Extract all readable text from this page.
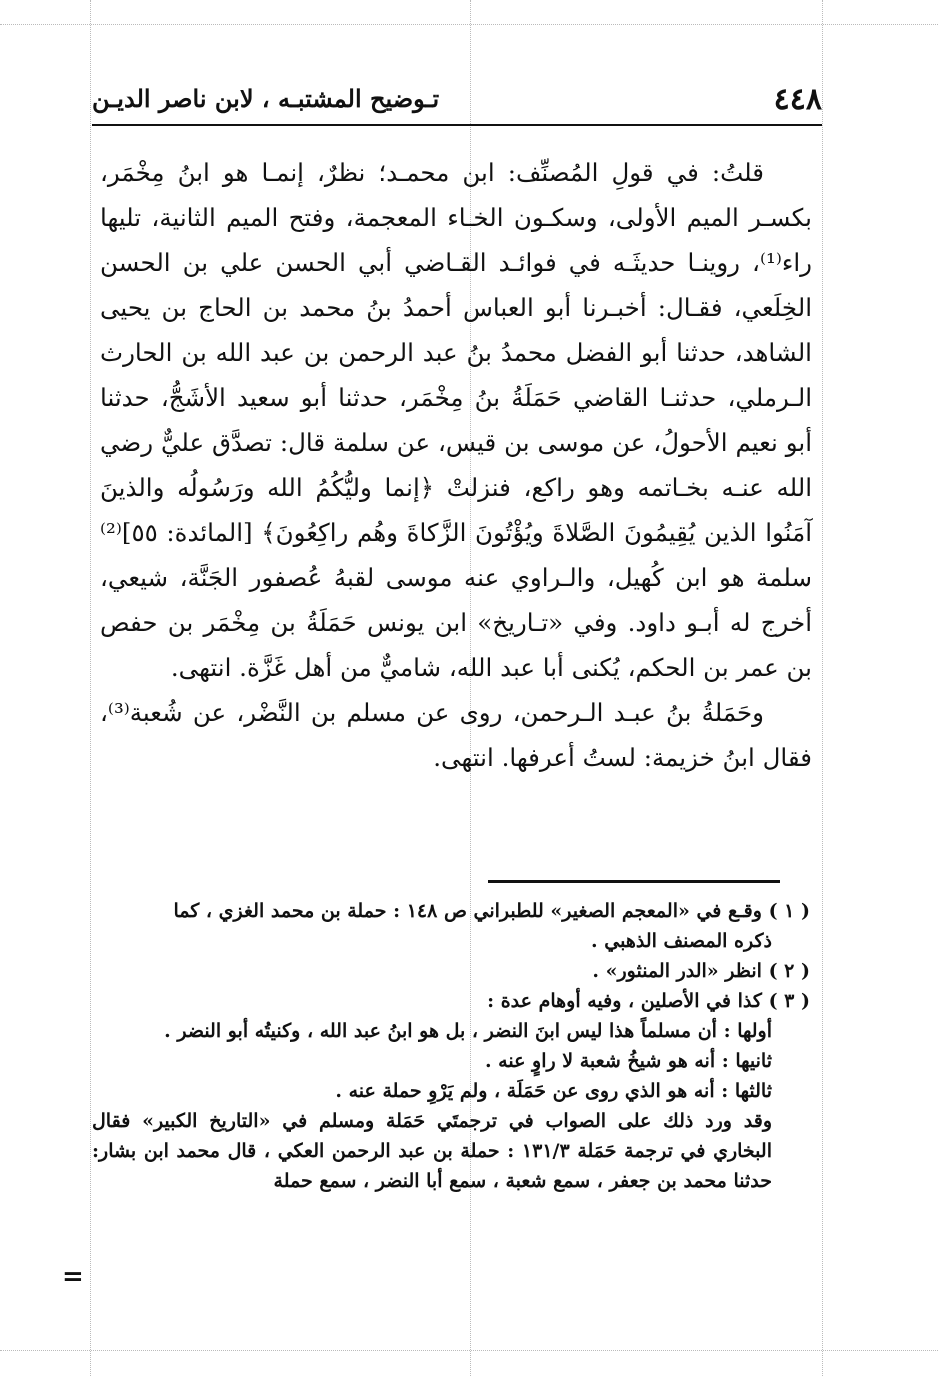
٤٤٨
تـوضيح المشتبـه ، لابن ناصر الديـن

قلتُ: في قولِ المُصنِّف: ابن محمـد؛ نظرٌ، إنمـا هو ابنُ مِخْمَر، بكسـر الميم الأولى، وسكـون الخـاء المعجمة، وفتح الميم الثانية، تليها راء⁽¹⁾، روينـا حديثَـه في فوائـد القـاضي أبي الحسن علي بن الحسن الخِلَعي، فقـال: أخبـرنا أبو العباس أحمدُ بنُ محمد بن الحاج بن يحيى الشاهد، حدثنا أبو الفضل محمدُ بنُ عبد الرحمن بن عبد الله بن الحارث الـرملي، حدثنـا القاضي حَمَلَةُ بنُ مِخْمَر، حدثنا أبو سعيد الأشَجُّ، حدثنا أبو نعيم الأحولُ، عن موسى بن قيس، عن سلمة قال: تصدَّق عليٌّ رضي الله عنـه بخـاتمه وهو راكع، فنزلتْ ﴿إنما وليُّكُمُ الله ورَسُولُه والذينَ آمَنُوا الذين يُقِيمُونَ الصَّلاةَ ويُؤْتُونَ الزَّكاةَ وهُم راكِعُونَ﴾ [المائدة: ٥٥]⁽²⁾ سلمة هو ابن كُهيل، والـراوي عنه موسى لقبهُ عُصفور الجَنَّة، شيعي، أخرج له أبـو داود. وفي «تـاريخ» ابن يونس حَمَلَةُ بن مِخْمَر بن حفص بن عمر بن الحكم، يُكنى أبا عبد الله، شاميٌّ من أهل غَزَّة. انتهى.

وحَمَلةُ بنُ عبـد الـرحمن، روى عن مسلم بن النَّضْر، عن شُعبة⁽³⁾، فقال ابنُ خزيمة: لستُ أعرفها. انتهى.

( ١ ) وقـع في «المعجم الصغير» للطبراني ص ١٤٨ : حملة بن محمد الغزي ، كما

ذكره المصنف الذهبي .

( ٢ ) انظر «الدر المنثور» .

( ٣ ) كذا في الأصلين ، وفيه أوهام عدة :

أولها : أن مسلماً هذا ليس ابنَ النضر ، بل هو ابنُ عبد الله ، وكنيتُه أبو النضر .

ثانيها : أنه هو شيخُ شعبة لا راوٍ عنه .

ثالثها : أنه هو الذي روى عن حَمَلَة ، ولم يَرْوِ حملة عنه .

وقد ورد ذلك على الصواب في ترجمتَي حَمَلة ومسلم في «التاريخ الكبير» فقال البخاري في ترجمة حَمَلة ١٣١/٣ : حملة بن عبد الرحمن العكي ، قال محمد ابن بشار: حدثنا محمد بن جعفر ، سمع شعبة ، سمع أبا النضر ، سمع حملة

=
